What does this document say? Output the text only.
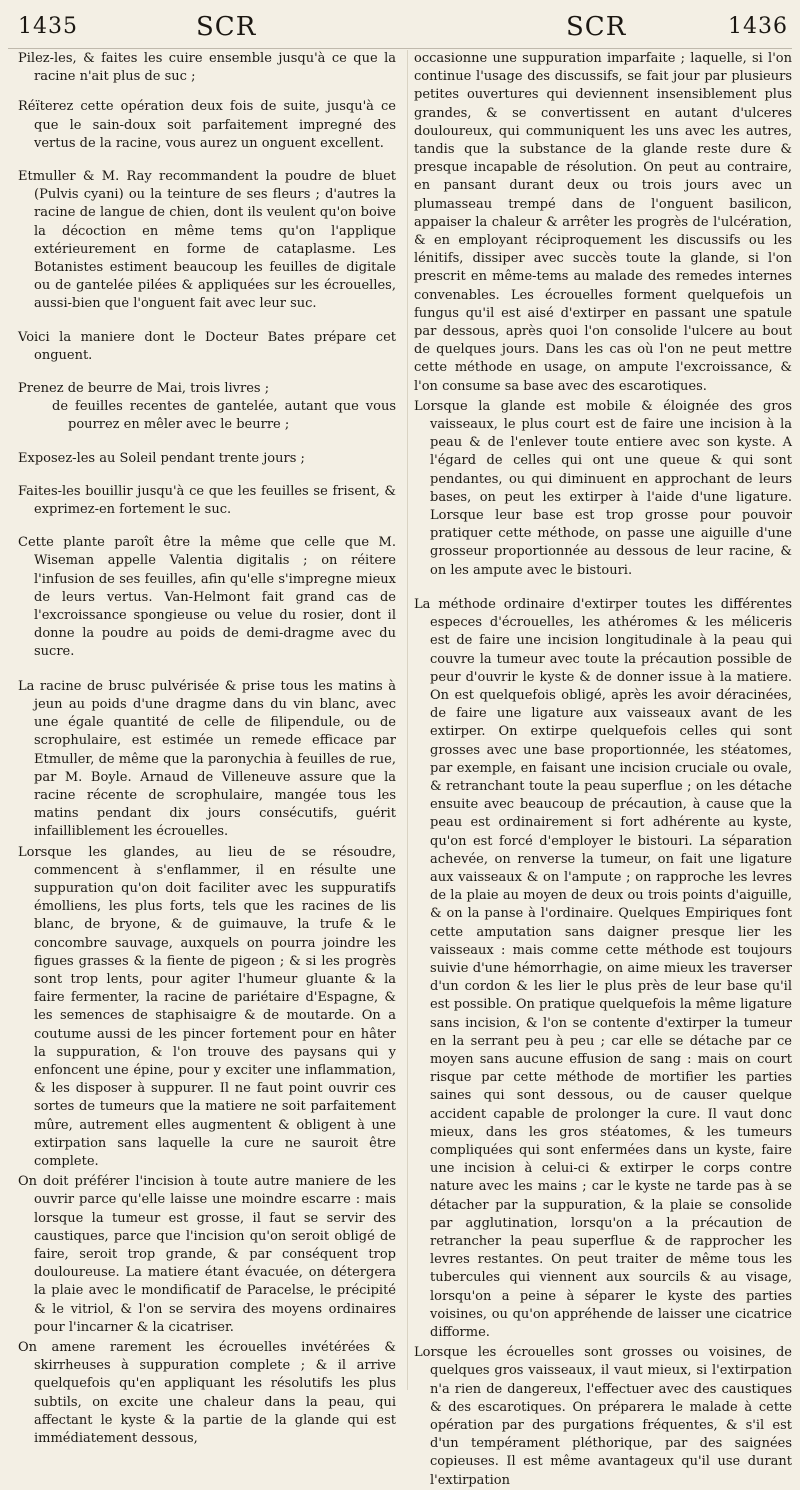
1435	SCR	SCR	1436

Pilez-les, & faites les cuire ensemble jusqu'à ce que la racine n'ait plus de suc ;

Réïterez cette opération deux fois de suite, jusqu'à ce que le sain-doux soit parfaitement impregné des vertus de la racine, vous aurez un onguent excellent.

Etmuller & M. Ray recommandent la poudre de bluet (Pulvis cyani) ou la teinture de ses fleurs ; d'autres la racine de langue de chien, dont ils veulent qu'on boive la décoction en même tems qu'on l'applique extérieurement en forme de cataplasme. Les Botanistes estiment beaucoup les feuilles de digitale ou de gantelée pilées & appliquées sur les écrouelles, aussi-bien que l'onguent fait avec leur suc.

Voici la maniere dont le Docteur Bates prépare cet onguent.

Prenez de beurre de Mai, trois livres ;

de feuilles recentes de gantelée, autant que vous pourrez en mêler avec le beurre ;

Exposez-les au Soleil pendant trente jours ;

Faites-les bouillir jusqu'à ce que les feuilles se frisent, & exprimez-en fortement le suc.

Cette plante paroît être la même que celle que M. Wiseman appelle Valentia digitalis ; on réitere l'infusion de ses feuilles, afin qu'elle s'impregne mieux de leurs vertus. Van-Helmont fait grand cas de l'excroissance spongieuse ou velue du rosier, dont il donne la poudre au poids de demi-dragme avec du sucre.

La racine de brusc pulvérisée & prise tous les matins à jeun au poids d'une dragme dans du vin blanc, avec une égale quantité de celle de filipendule, ou de scrophulaire, est estimée un remede efficace par Etmuller, de même que la paronychia à feuilles de rue, par M. Boyle. Arnaud de Villeneuve assure que la racine récente de scrophulaire, mangée tous les matins pendant dix jours consécutifs, guérit infailliblement les écrouelles.

Lorsque les glandes, au lieu de se résoudre, commencent à s'enflammer, il en résulte une suppuration qu'on doit faciliter avec les suppuratifs émolliens, les plus forts, tels que les racines de lis blanc, de bryone, & de guimauve, la trufe & le concombre sauvage, auxquels on pourra joindre les figues grasses & la fiente de pigeon ; & si les progrès sont trop lents, pour agiter l'humeur gluante & la faire fermenter, la racine de pariétaire d'Espagne, & les semences de staphisaigre & de moutarde. On a coutume aussi de les pincer fortement pour en hâter la suppuration, & l'on trouve des paysans qui y enfoncent une épine, pour y exciter une inflammation, & les disposer à suppurer. Il ne faut point ouvrir ces sortes de tumeurs que la matiere ne soit parfaitement mûre, autrement elles augmentent & obligent à une extirpation sans laquelle la cure ne sauroit être complete.

On doit préférer l'incision à toute autre maniere de les ouvrir parce qu'elle laisse une moindre escarre : mais lorsque la tumeur est grosse, il faut se servir des caustiques, parce que l'incision qu'on seroit obligé de faire, seroit trop grande, & par conséquent trop douloureuse. La matiere étant évacuée, on détergera la plaie avec le mondificatif de Paracelse, le précipité & le vitriol, & l'on se servira des moyens ordinaires pour l'incarner & la cicatriser.

On amene rarement les écrouelles invétérées & skirrheuses à suppuration complete ; & il arrive quelquefois qu'en appliquant les résolutifs les plus subtils, on excite une chaleur dans la peau, qui affectant le kyste & la partie de la glande qui est immédiatement dessous,

occasionne une suppuration imparfaite ; laquelle, si l'on continue l'usage des discussifs, se fait jour par plusieurs petites ouvertures qui deviennent insensiblement plus grandes, & se convertissent en autant d'ulceres douloureux, qui communiquent les uns avec les autres, tandis que la substance de la glande reste dure & presque incapable de résolution. On peut au contraire, en pansant durant deux ou trois jours avec un plumasseau trempé dans de l'onguent basilicon, appaiser la chaleur & arrêter les progrès de l'ulcération, & en employant réciproquement les discussifs ou les lénitifs, dissiper avec succès toute la glande, si l'on prescrit en même-tems au malade des remedes internes convenables. Les écrouelles forment quelquefois un fungus qu'il est aisé d'extirper en passant une spatule par dessous, après quoi l'on consolide l'ulcere au bout de quelques jours. Dans les cas où l'on ne peut mettre cette méthode en usage, on ampute l'excroissance, & l'on consume sa base avec des escarotiques.

Lorsque la glande est mobile & éloignée des gros vaisseaux, le plus court est de faire une incision à la peau & de l'enlever toute entiere avec son kyste. A l'égard de celles qui ont une queue & qui sont pendantes, ou qui diminuent en approchant de leurs bases, on peut les extirper à l'aide d'une ligature. Lorsque leur base est trop grosse pour pouvoir pratiquer cette méthode, on passe une aiguille d'une grosseur proportionnée au dessous de leur racine, & on les ampute avec le bistouri.

La méthode ordinaire d'extirper toutes les différentes especes d'écrouelles, les athéromes & les méliceris est de faire une incision longitudinale à la peau qui couvre la tumeur avec toute la précaution possible de peur d'ouvrir le kyste & de donner issue à la matiere. On est quelquefois obligé, après les avoir déracinées, de faire une ligature aux vaisseaux avant de les extirper. On extirpe quelquefois celles qui sont grosses avec une base proportionnée, les stéatomes, par exemple, en faisant une incision cruciale ou ovale, & retranchant toute la peau superflue ; on les détache ensuite avec beaucoup de précaution, à cause que la peau est ordinairement si fort adhérente au kyste, qu'on est forcé d'employer le bistouri. La séparation achevée, on renverse la tumeur, on fait une ligature aux vaisseaux & on l'ampute ; on rapproche les levres de la plaie au moyen de deux ou trois points d'aiguille, & on la panse à l'ordinaire. Quelques Empiriques font cette amputation sans daigner presque lier les vaisseaux : mais comme cette méthode est toujours suivie d'une hémorrhagie, on aime mieux les traverser d'un cordon & les lier le plus près de leur base qu'il est possible. On pratique quelquefois la même ligature sans incision, & l'on se contente d'extirper la tumeur en la serrant peu à peu ; car elle se détache par ce moyen sans aucune effusion de sang : mais on court risque par cette méthode de mortifier les parties saines qui sont dessous, ou de causer quelque accident capable de prolonger la cure. Il vaut donc mieux, dans les gros stéatomes, & les tumeurs compliquées qui sont enfermées dans un kyste, faire une incision à celui-ci & extirper le corps contre nature avec les mains ; car le kyste ne tarde pas à se détacher par la suppuration, & la plaie se consolide par agglutination, lorsqu'on a la précaution de retrancher la peau superflue & de rapprocher les levres restantes. On peut traiter de même tous les tubercules qui viennent aux sourcils & au visage, lorsqu'on a peine à séparer le kyste des parties voisines, ou qu'on appréhende de laisser une cicatrice difforme.

Lorsque les écrouelles sont grosses ou voisines, de quelques gros vaisseaux, il vaut mieux, si l'extirpation n'a rien de dangereux, l'effectuer avec des caustiques & des escarotiques. On préparera le malade à cette opération par des purgations fréquentes, & s'il est d'un tempérament pléthorique, par des saignées copieuses. Il est même avantageux qu'il use durant l'extirpation
